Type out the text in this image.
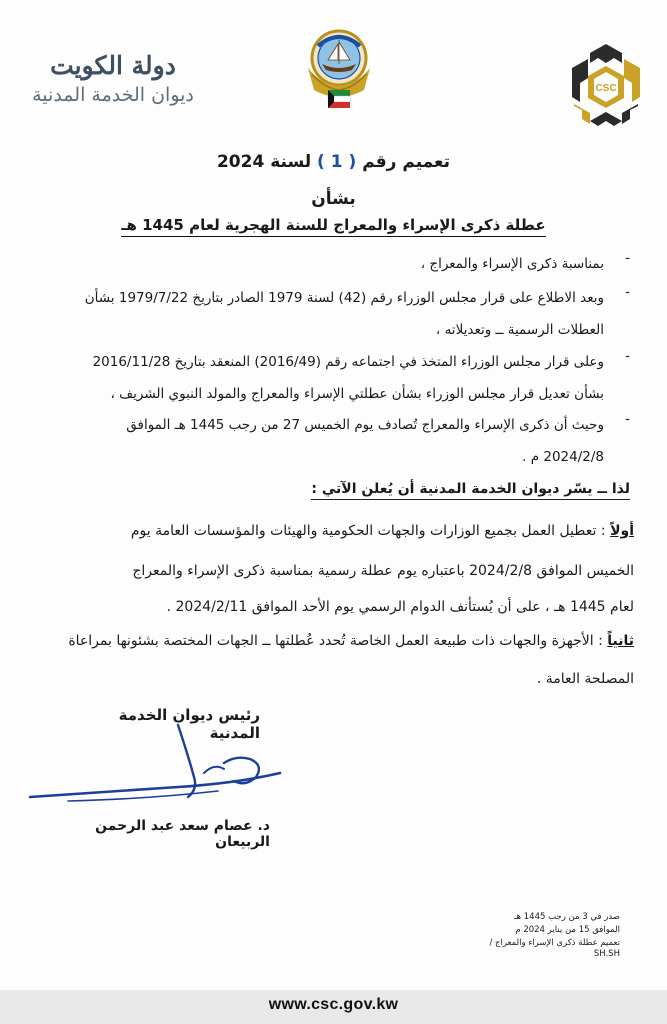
دولة الكويت
ديوان الخدمة المدنية	CSC
تعميم رقم ( 1 ) لسنة 2024
بشأن
عطلة ذكرى الإسراء والمعراج للسنة الهجرية لعام 1445 هـ
-
بمناسبة ذكرى الإسراء والمعراج ،
-
وبعد الاطلاع على قرار مجلس الوزراء رقم (42) لسنة 1979 الصادر بتاريخ 1979/7/22 بشأن
العطلات الرسمية ــ وتعديلاته ،
-
وعلى قرار مجلس الوزراء المتخذ في اجتماعه رقم (2016/49) المنعقد بتاريخ 2016/11/28
بشأن تعديل قرار مجلس الوزراء بشأن عطلتي الإسراء والمعراج والمولد النبوي الشريف ،
-
وحيث أن ذكرى الإسراء والمعراج تُصادف يوم الخميس 27 من رجب 1445 هـ الموافق
2024/2/8 م .
لذا ــ يسّر ديوان الخدمة المدنية أن يُعلن الآتي :
أولاً : تعطيل العمل بجميع الوزارات والجهات الحكومية والهيئات والمؤسسات العامة يوم
الخميس الموافق 2024/2/8 باعتباره يوم عطلة رسمية بمناسبة ذكرى الإسراء والمعراج
لعام 1445 هـ ، على أن يُستأنف الدوام الرسمي يوم الأحد الموافق 2024/2/11 .
ثانياً : الأجهزة والجهات ذات طبيعة العمل الخاصة تُحدد عُطلتها ــ الجهات المختصة بشئونها بمراعاة
المصلحة العامة .
رئيس ديوان الخدمة المدنية
د. عصام سعد عبد الرحمن الربيعان
صدر في 3 من رجب 1445 هـ
الموافق 15 من يناير 2024 م
تعميم عطلة ذكرى الإسراء والمعراج / SH.SH
www.csc.gov.kw
